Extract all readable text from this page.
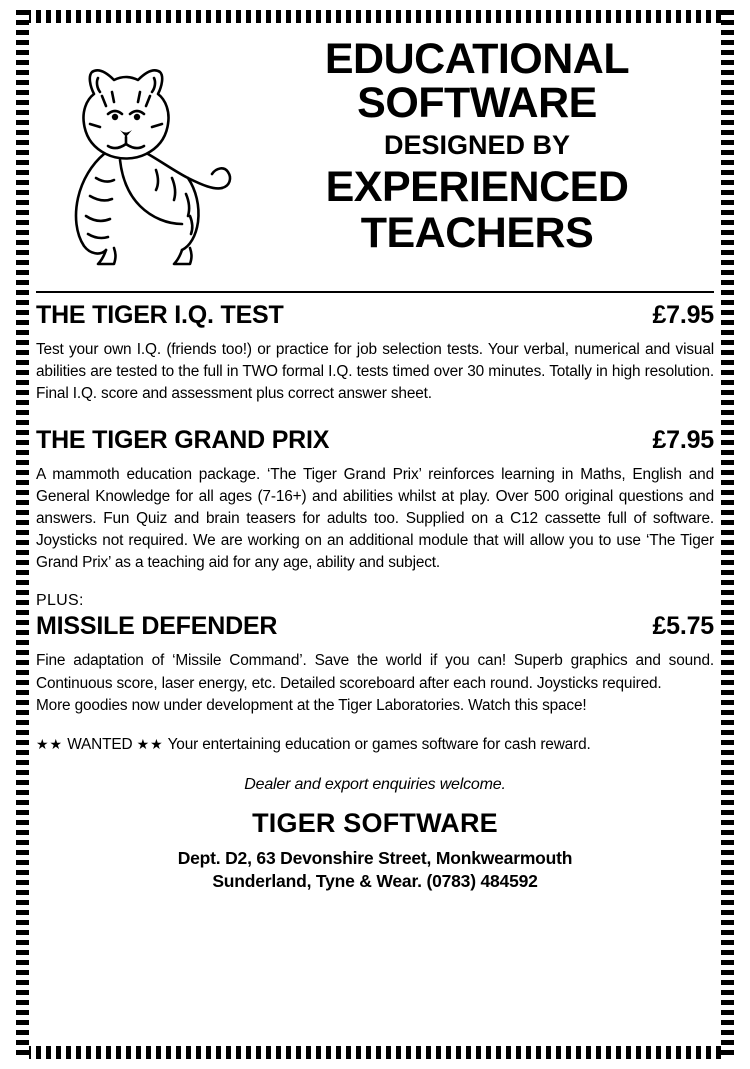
EDUCATIONAL
SOFTWARE
DESIGNED BY
EXPERIENCED
TEACHERS
THE TIGER I.Q. TEST	£7.95

Test your own I.Q. (friends too!) or practice for job selection tests. Your verbal, numerical and visual abilities are tested to the full in TWO formal I.Q. tests timed over 30 minutes. Totally in high resolution. Final I.Q. score and assessment plus correct answer sheet.

THE TIGER GRAND PRIX	£7.95

A mammoth education package. ‘The Tiger Grand Prix’ reinforces learning in Maths, English and General Knowledge for all ages (7-16+) and abilities whilst at play. Over 500 original questions and answers. Fun Quiz and brain teasers for adults too. Supplied on a C12 cassette full of software. Joysticks not required. We are working on an additional module that will allow you to use ‘The Tiger Grand Prix’ as a teaching aid for any age, ability and subject.

PLUS:
MISSILE DEFENDER	£5.75

Fine adaptation of ‘Missile Command’. Save the world if you can! Superb graphics and sound. Continuous score, laser energy, etc. Detailed scoreboard after each round. Joysticks required.

More goodies now under development at the Tiger Laboratories. Watch this space!

★★ WANTED ★★ Your entertaining education or games software for cash reward.

Dealer and export enquiries welcome.
TIGER SOFTWARE
Dept. D2, 63 Devonshire Street, Monkwearmouth
Sunderland, Tyne & Wear. (0783) 484592
